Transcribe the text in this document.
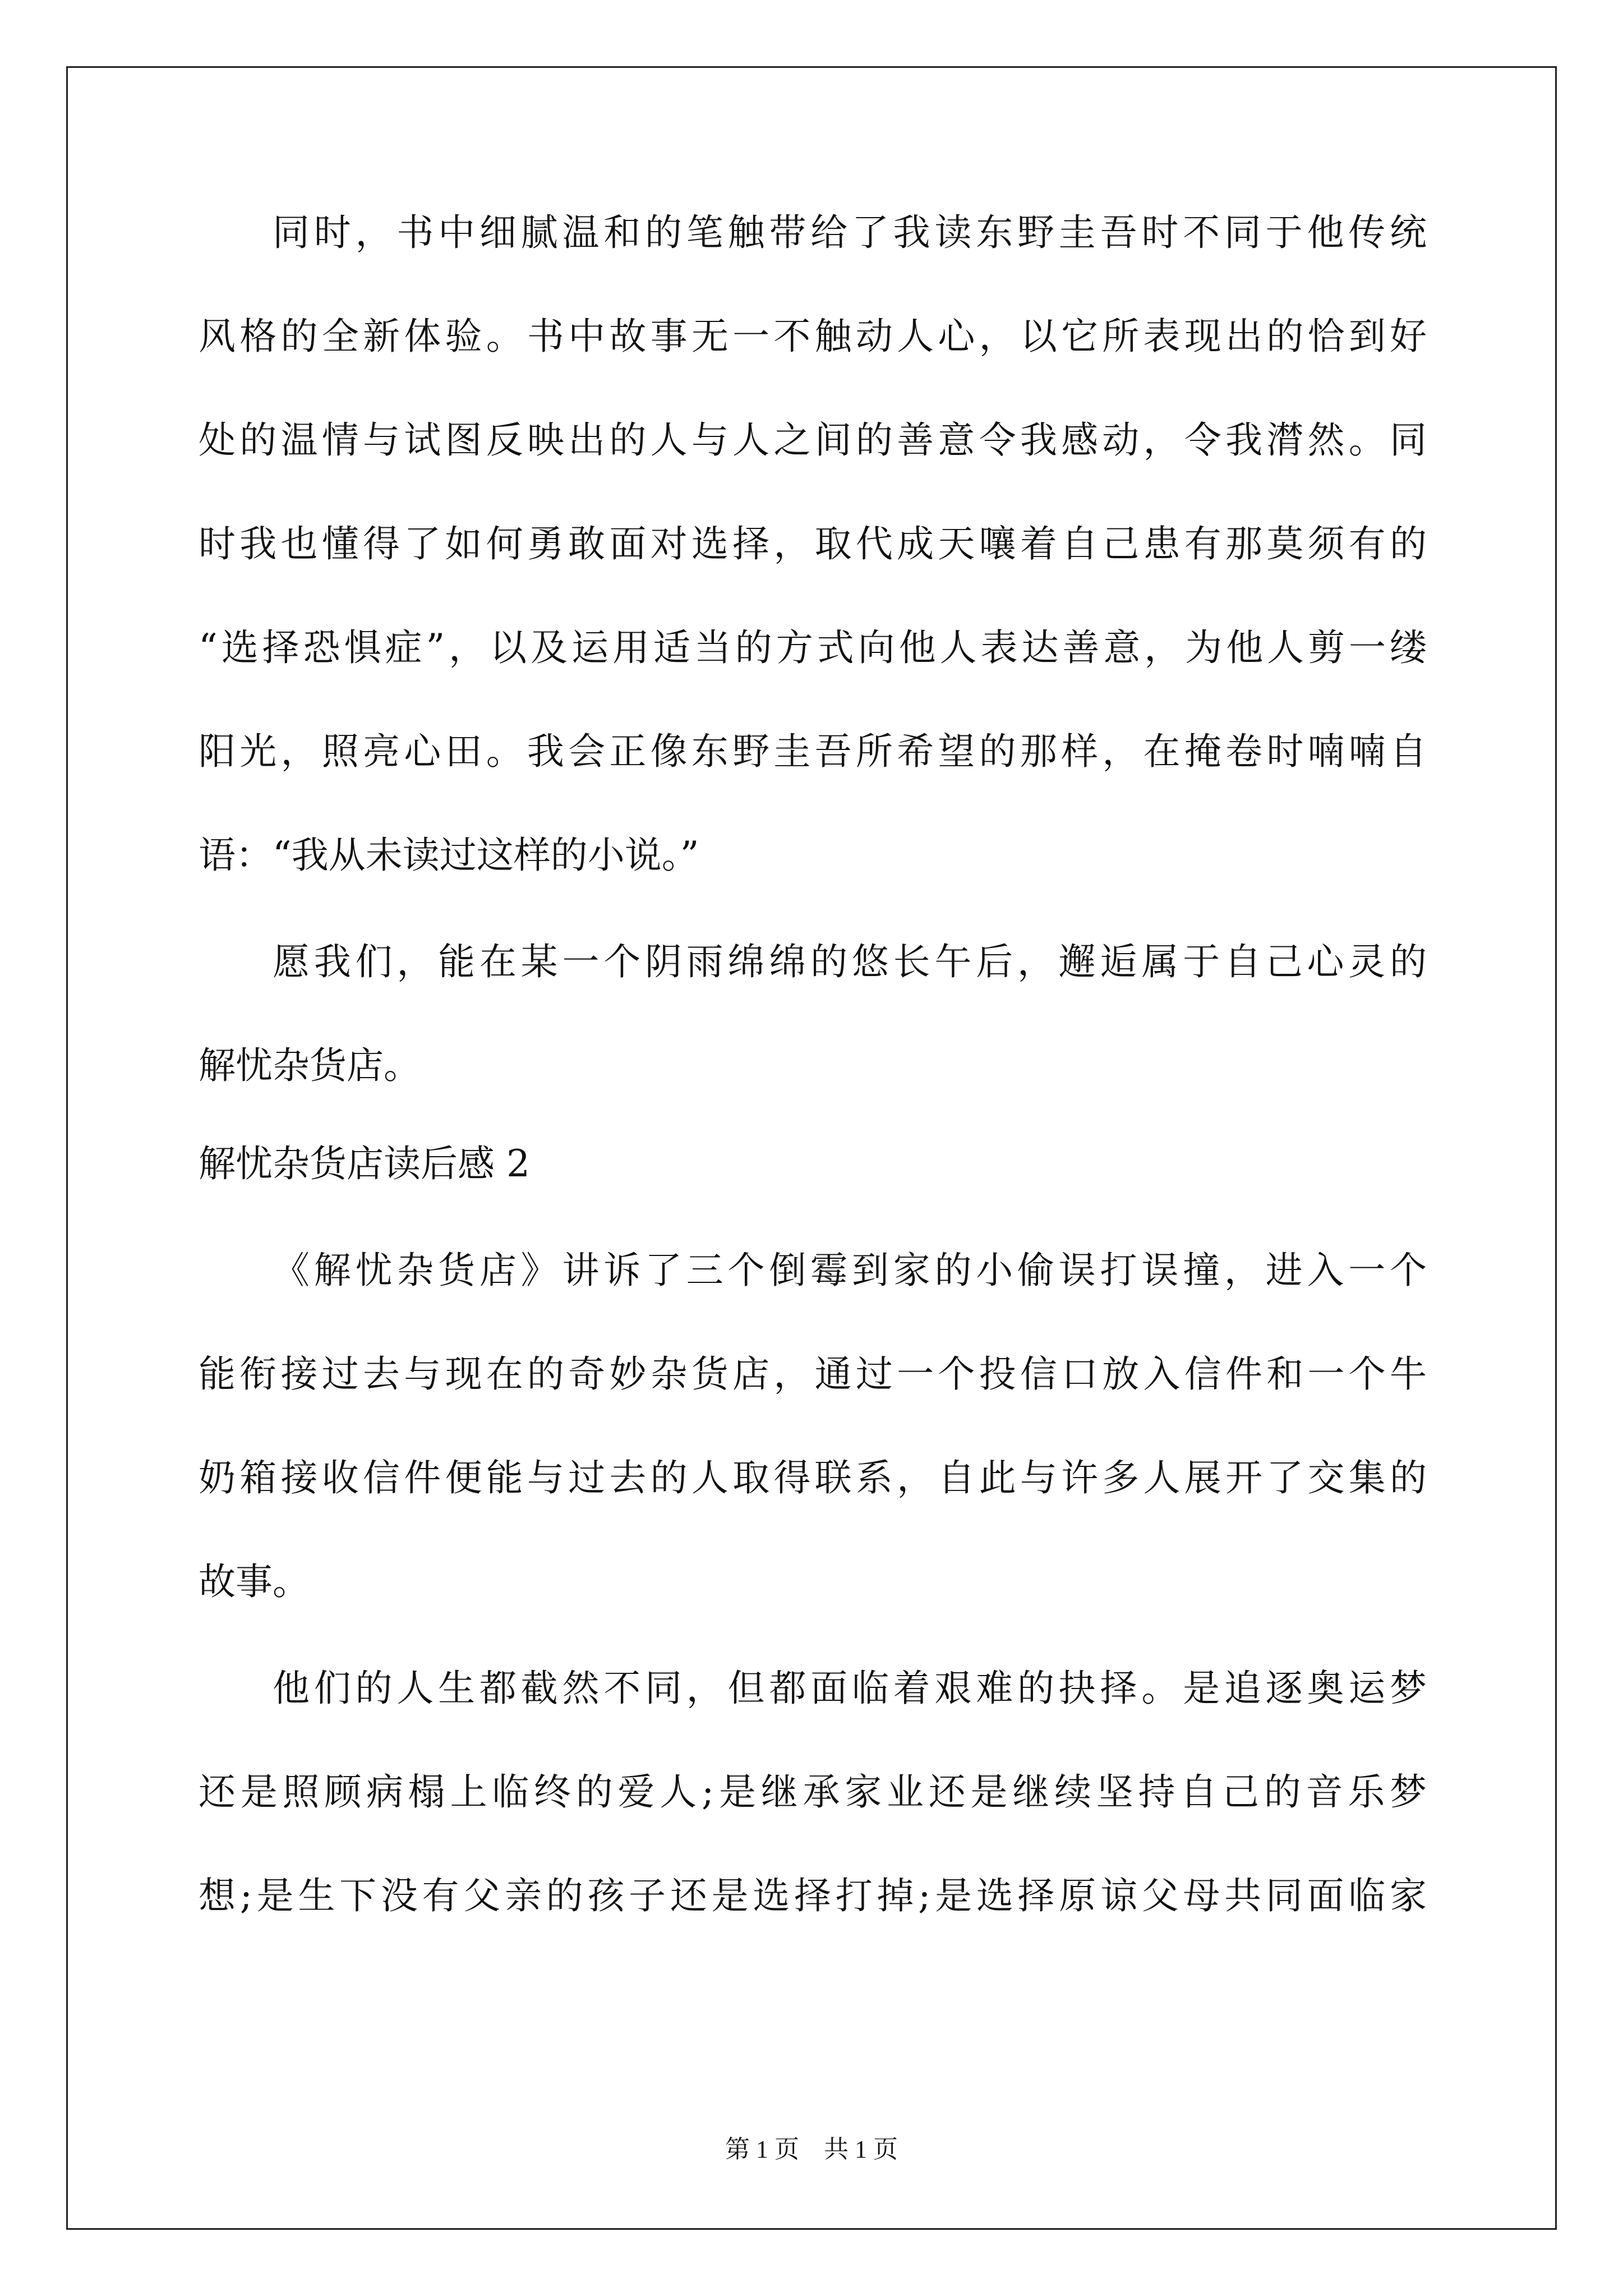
同时，书中细腻温和的笔触带给了我读东野圭吾时不同于他传统
风格的全新体验。书中故事无一不触动人心，以它所表现出的恰到好
处的温情与试图反映出的人与人之间的善意令我感动，令我潸然。同
时我也懂得了如何勇敢面对选择，取代成天嚷着自己患有那莫须有的
“选择恐惧症”，以及运用适当的方式向他人表达善意，为他人剪一缕
阳光，照亮心田。我会正像东野圭吾所希望的那样，在掩卷时喃喃自
语：“我从未读过这样的小说。”
愿我们，能在某一个阴雨绵绵的悠长午后，邂逅属于自己心灵的
解忧杂货店。
解忧杂货店读后感 2
《解忧杂货店》讲诉了三个倒霉到家的小偷误打误撞，进入一个
能衔接过去与现在的奇妙杂货店，通过一个投信口放入信件和一个牛
奶箱接收信件便能与过去的人取得联系，自此与许多人展开了交集的
故事。
他们的人生都截然不同，但都面临着艰难的抉择。是追逐奥运梦
还是照顾病榻上临终的爱人;是继承家业还是继续坚持自己的音乐梦
想;是生下没有父亲的孩子还是选择打掉;是选择原谅父母共同面临家
第 1 页　共 1 页
